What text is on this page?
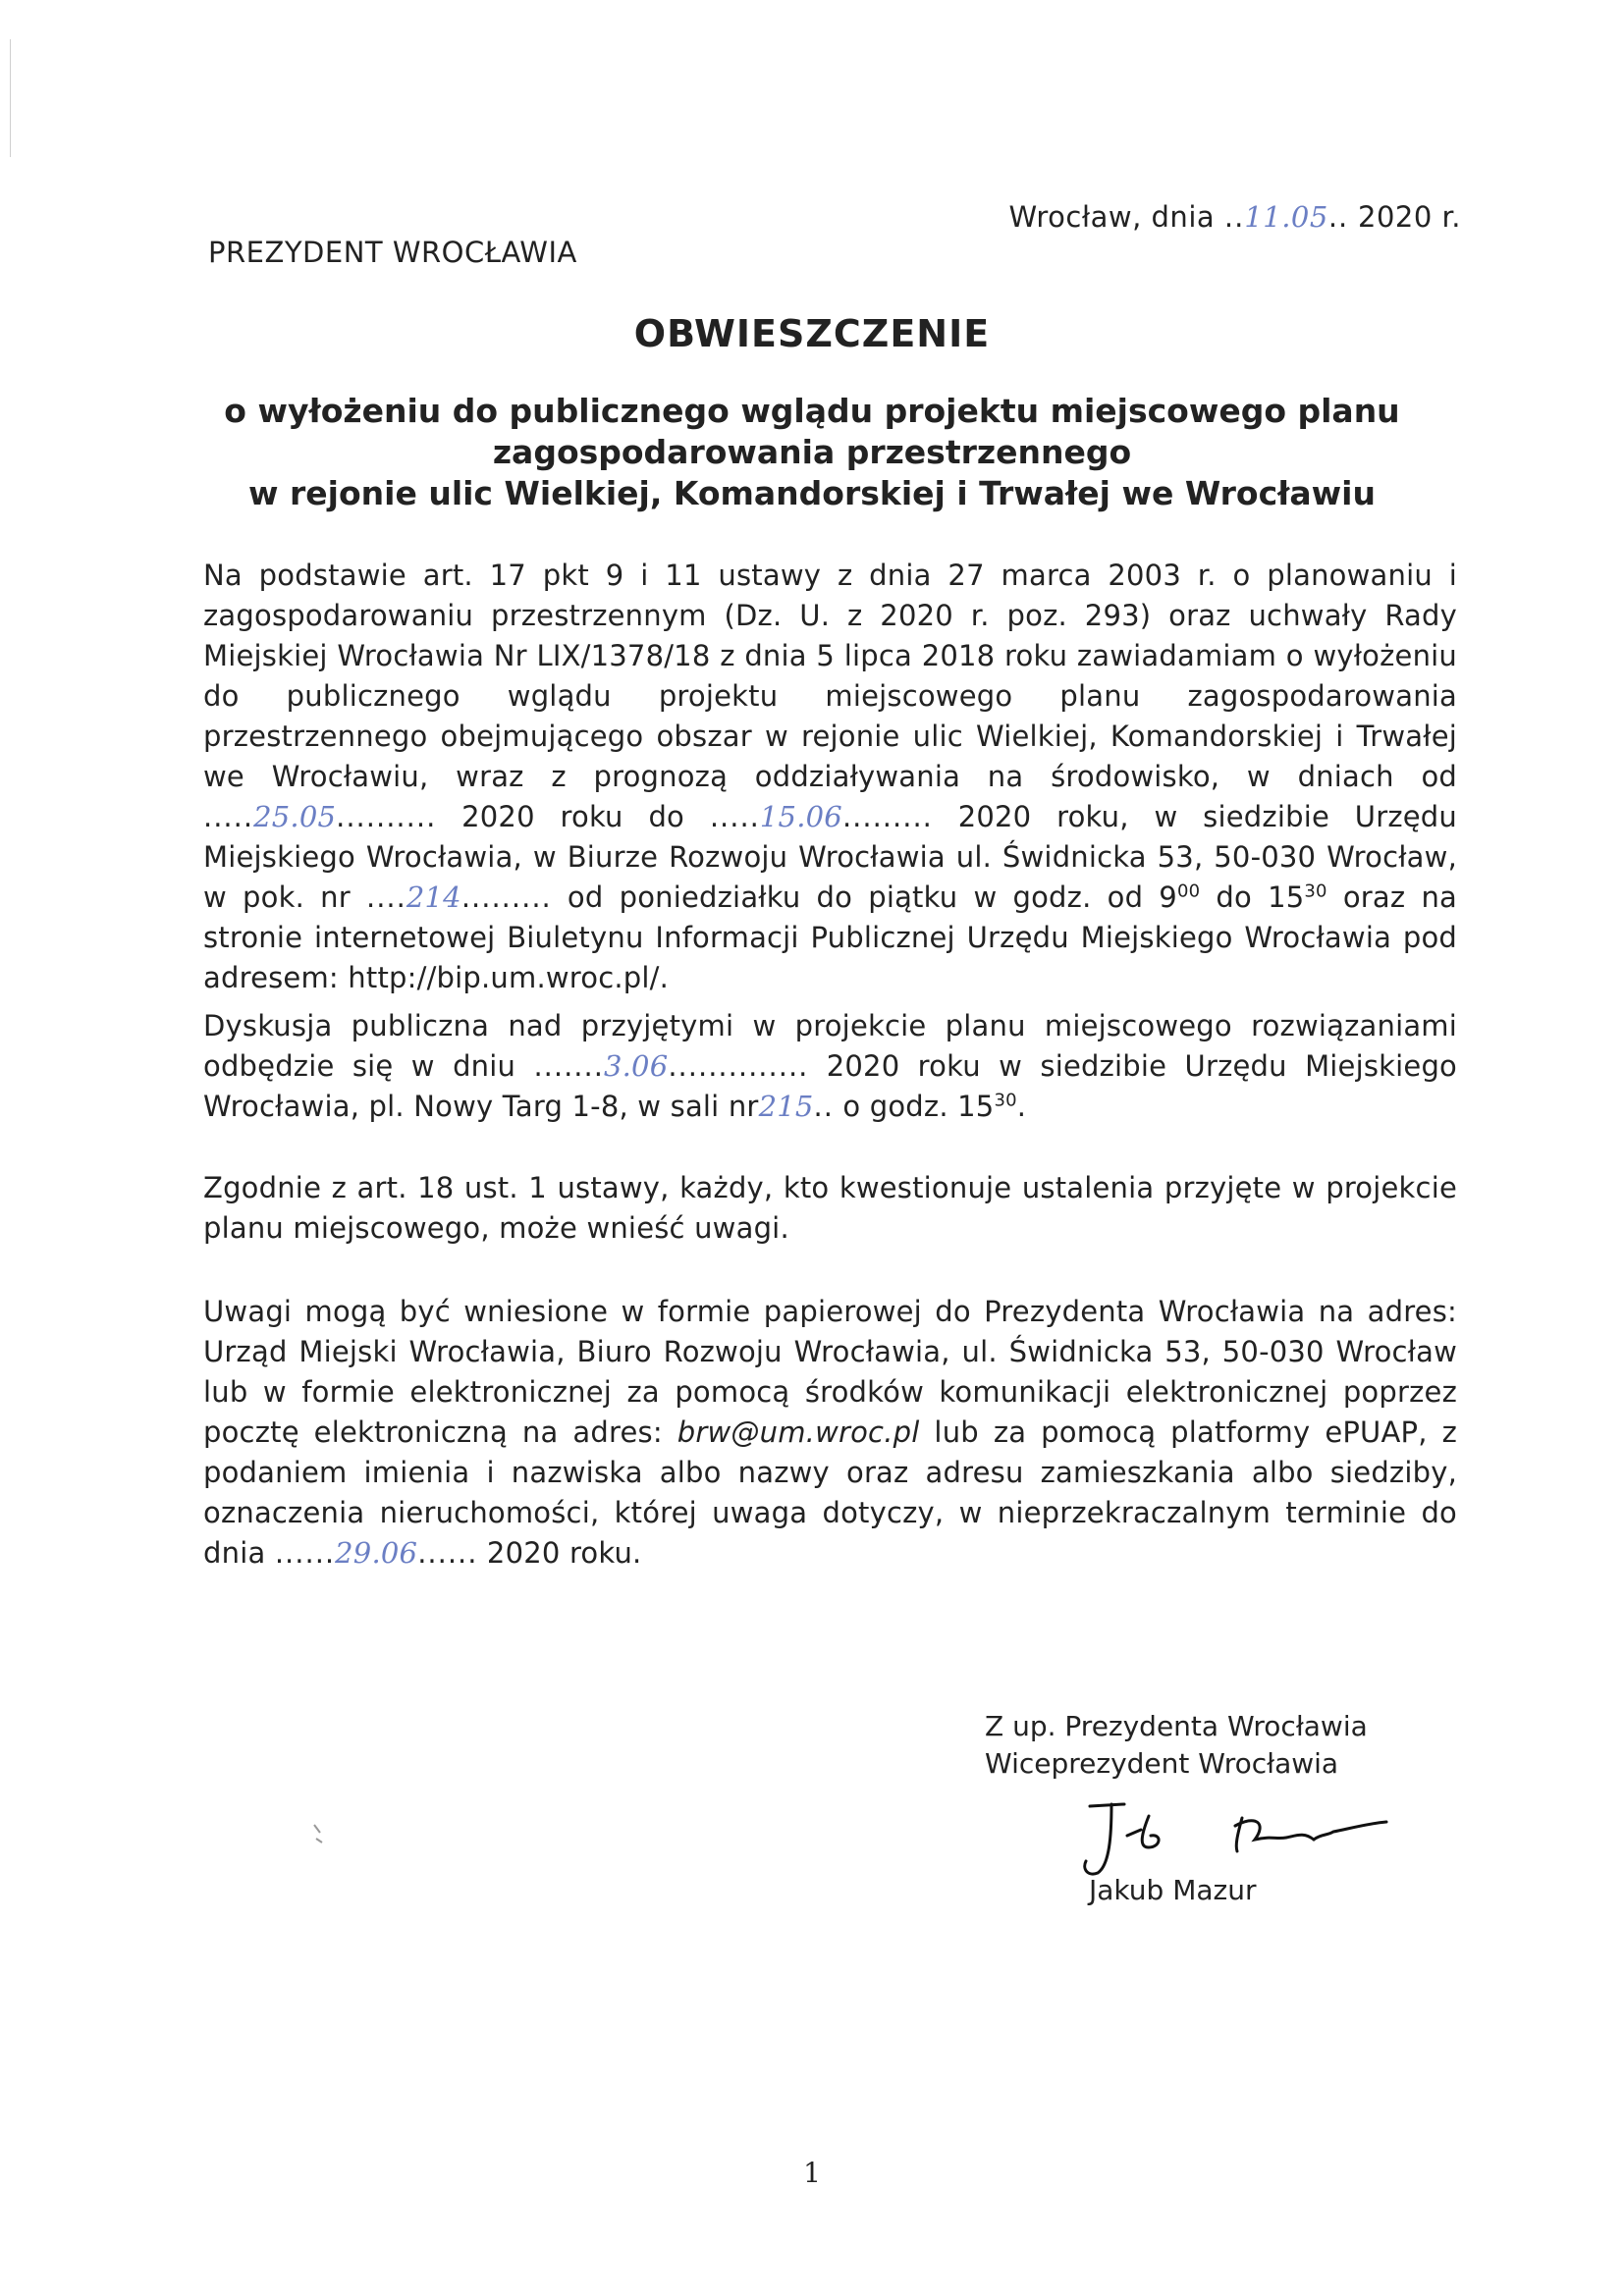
PREZYDENT WROCŁAWIA
Wrocław, dnia ..11.05.. 2020 r.
OBWIESZCZENIE
o wyłożeniu do publicznego wglądu projektu miejscowego planu
zagospodarowania przestrzennego
w rejonie ulic Wielkiej, Komandorskiej i Trwałej we Wrocławiu
Na podstawie art. 17 pkt 9 i 11 ustawy z dnia 27 marca 2003 r. o planowaniu i zagospodarowaniu przestrzennym (Dz. U. z 2020 r. poz. 293) oraz uchwały Rady Miejskiej Wrocławia Nr LIX/1378/18 z dnia 5 lipca 2018 roku zawiadamiam o wyłożeniu do publicznego wglądu projektu miejscowego planu zagospodarowania przestrzennego obejmującego obszar w rejonie ulic Wielkiej, Komandorskiej i Trwałej we Wrocławiu, wraz z prognozą oddziaływania na środowisko, w dniach od .....25.05.......... 2020 roku do .....15.06......... 2020 roku, w siedzibie Urzędu Miejskiego Wrocławia, w Biurze Rozwoju Wrocławia ul. Świdnicka 53, 50-030 Wrocław, w pok. nr ....214......... od poniedziałku do piątku w godz. od $9^{00}$ do $15^{30}$ oraz na stronie internetowej Biuletynu Informacji Publicznej Urzędu Miejskiego Wrocławia pod adresem: http://bip.um.wroc.pl/.
Dyskusja publiczna nad przyjętymi w projekcie planu miejscowego rozwiązaniami odbędzie się w dniu .......3.06.............. 2020 roku w siedzibie Urzędu Miejskiego Wrocławia, pl. Nowy Targ 1-8, w sali nr215.. o godz. $15^{30}$.
Zgodnie z art. 18 ust. 1 ustawy, każdy, kto kwestionuje ustalenia przyjęte w projekcie planu miejscowego, może wnieść uwagi.
Uwagi mogą być wniesione w formie papierowej do Prezydenta Wrocławia na adres: Urząd Miejski Wrocławia, Biuro Rozwoju Wrocławia, ul. Świdnicka 53, 50-030 Wrocław lub w formie elektronicznej za pomocą środków komunikacji elektronicznej poprzez pocztę elektroniczną na adres: brw@um.wroc.pl lub za pomocą platformy ePUAP, z podaniem imienia i nazwiska albo nazwy oraz adresu zamieszkania albo siedziby, oznaczenia nieruchomości, której uwaga dotyczy, w nieprzekraczalnym terminie do dnia ......29.06...... 2020 roku.
Z up. Prezydenta Wrocławia
Wiceprezydent Wrocławia
Jakub Mazur
1
